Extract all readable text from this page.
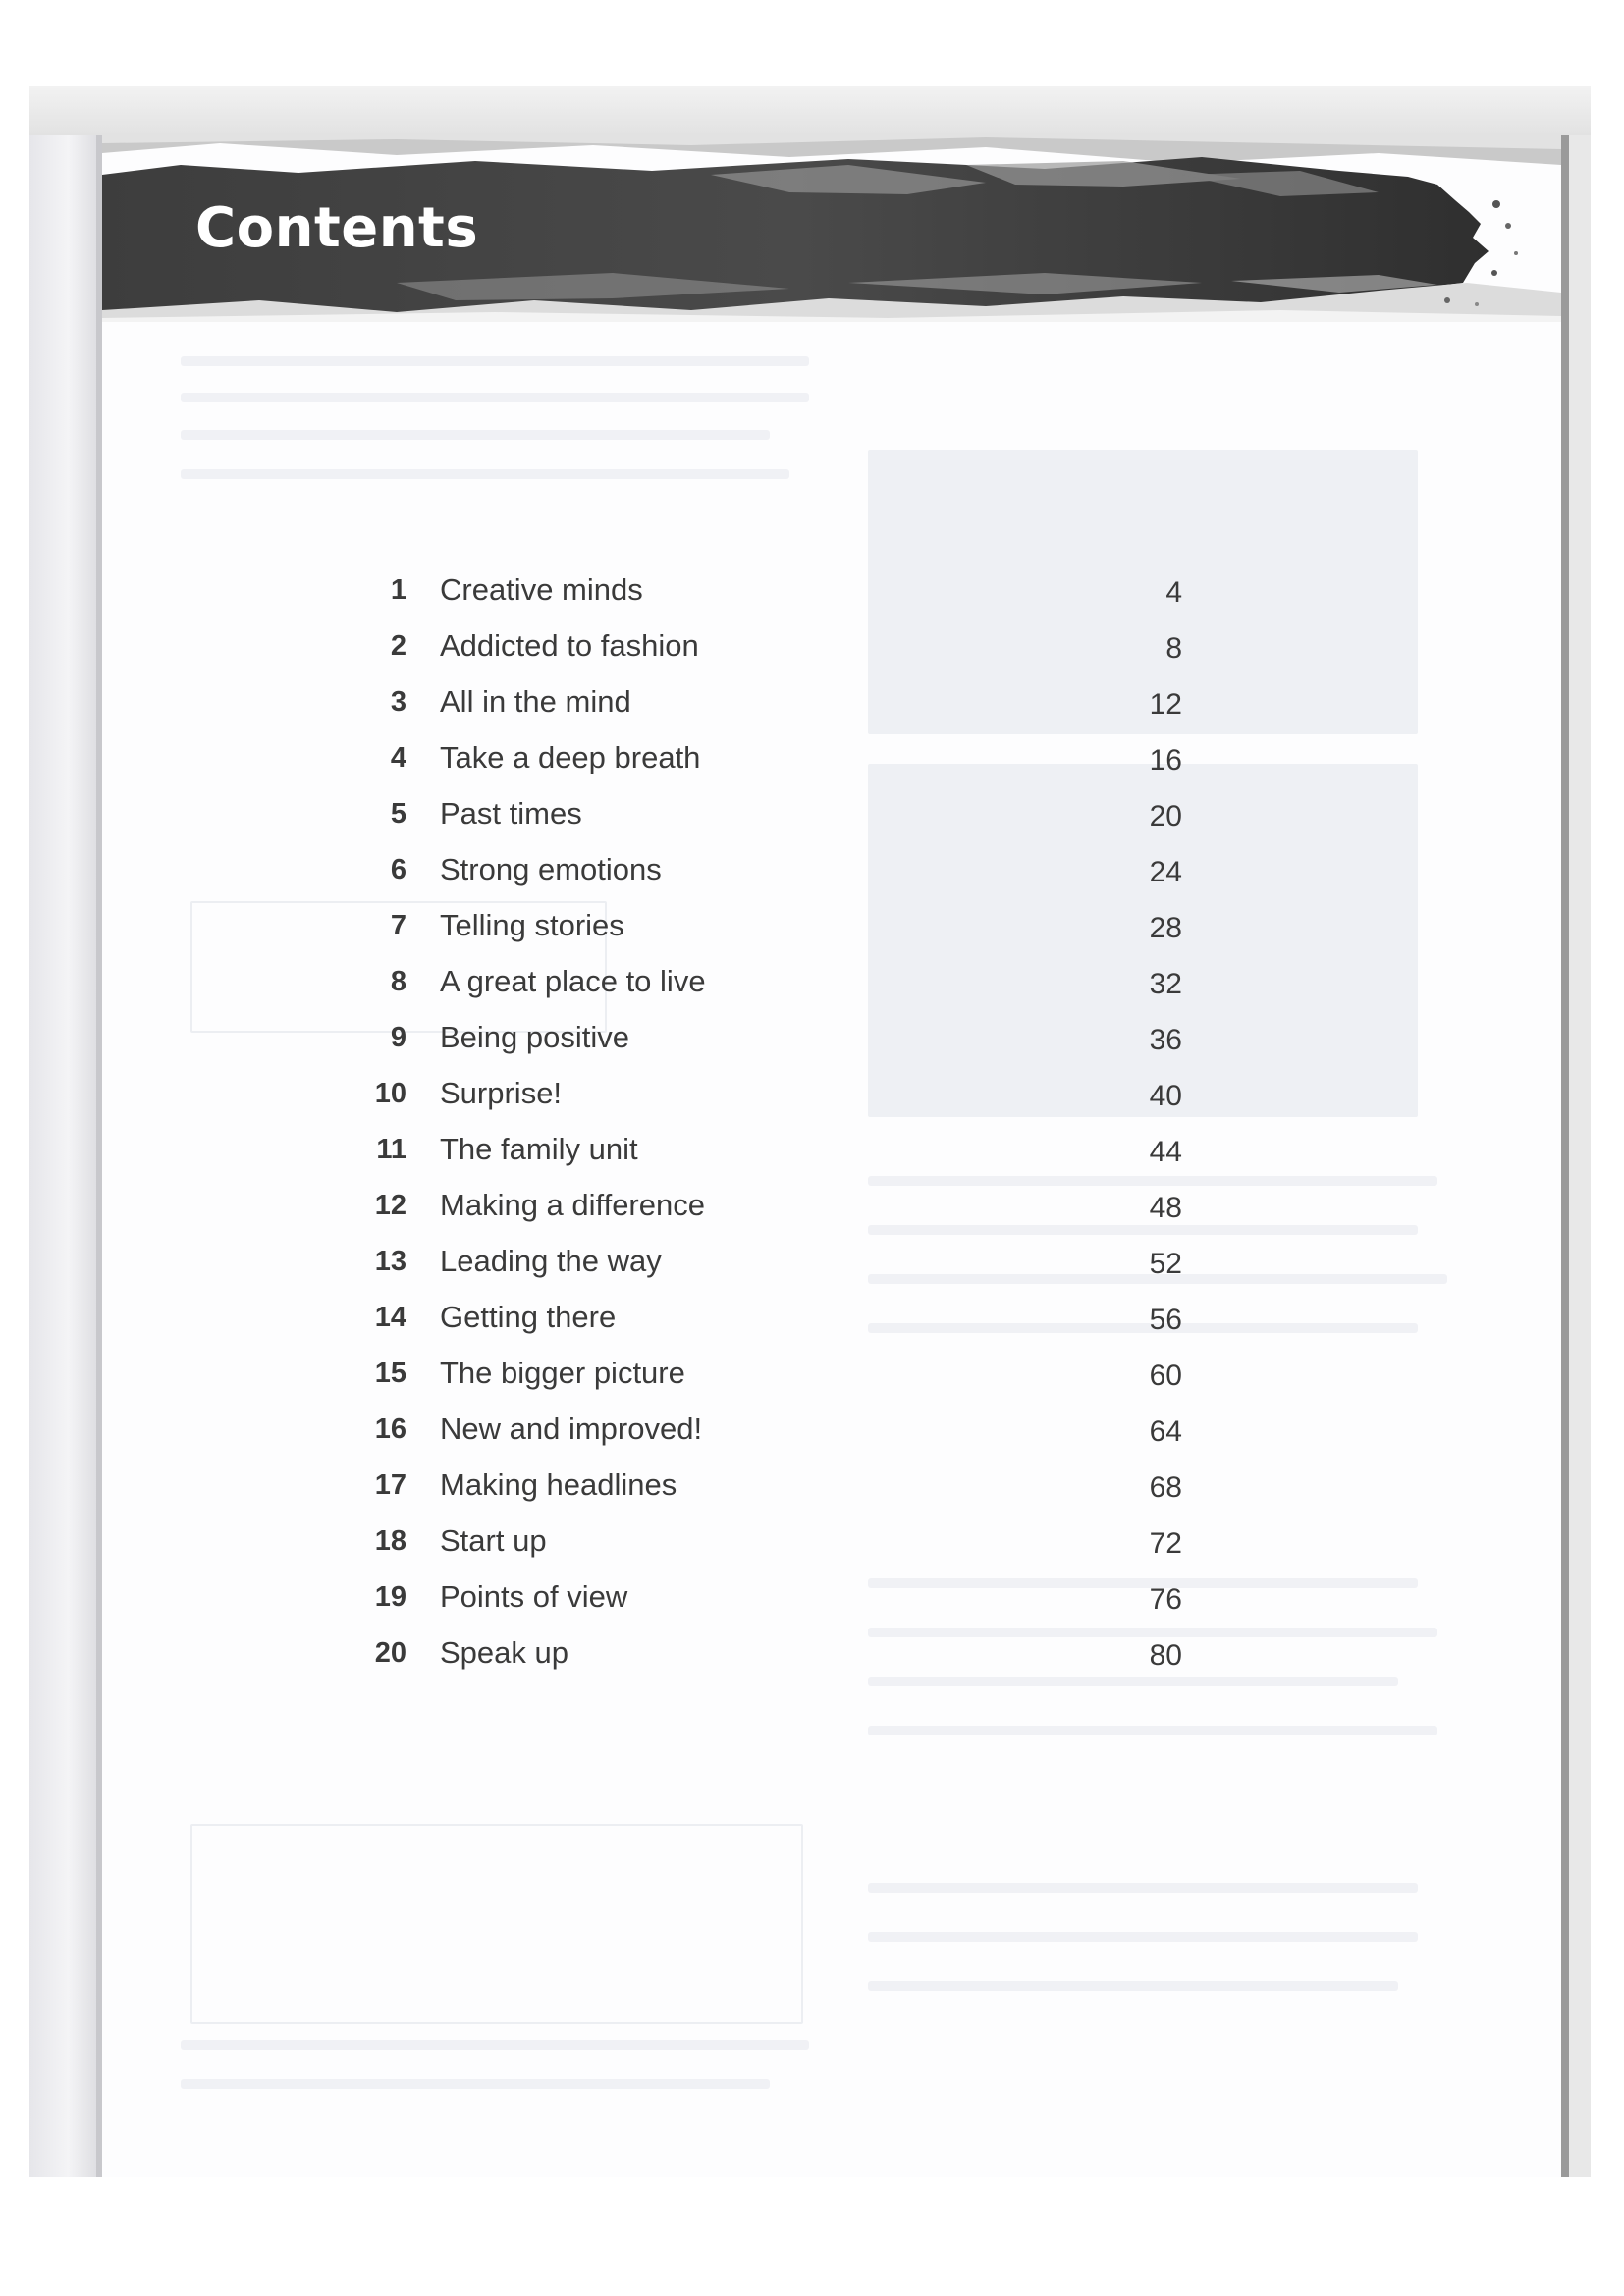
Contents
1 Creative minds	4
2 Addicted to fashion	8
3 All in the mind	12
4 Take a deep breath	16
5 Past times	20
6 Strong emotions	24
7 Telling stories	28
8 A great place to live	32
9 Being positive	36
10 Surprise!	40
11 The family unit	44
12 Making a difference	48
13 Leading the way	52
14 Getting there	56
15 The bigger picture	60
16 New and improved!	64
17 Making headlines	68
18 Start up	72
19 Points of view	76
20 Speak up	80
